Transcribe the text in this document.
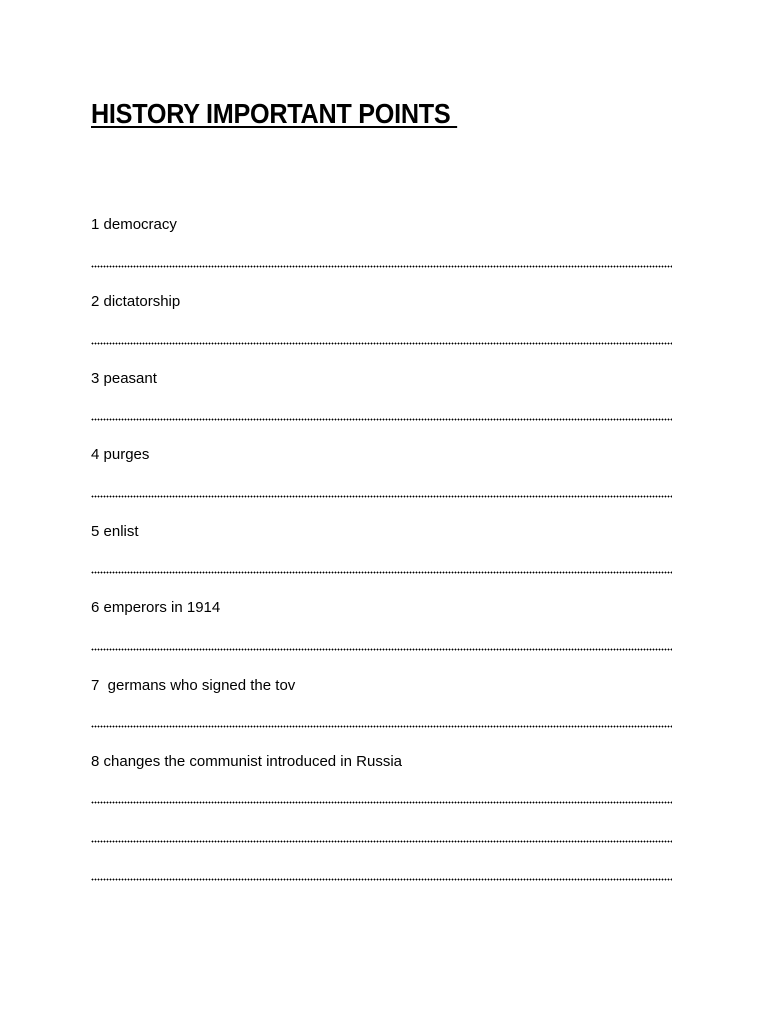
HISTORY IMPORTANT POINTS
1 democracy
2 dictatorship
3 peasant
4 purges
5 enlist
6 emperors in 1914
7  germans who signed the tov
8 changes the communist introduced in Russia
